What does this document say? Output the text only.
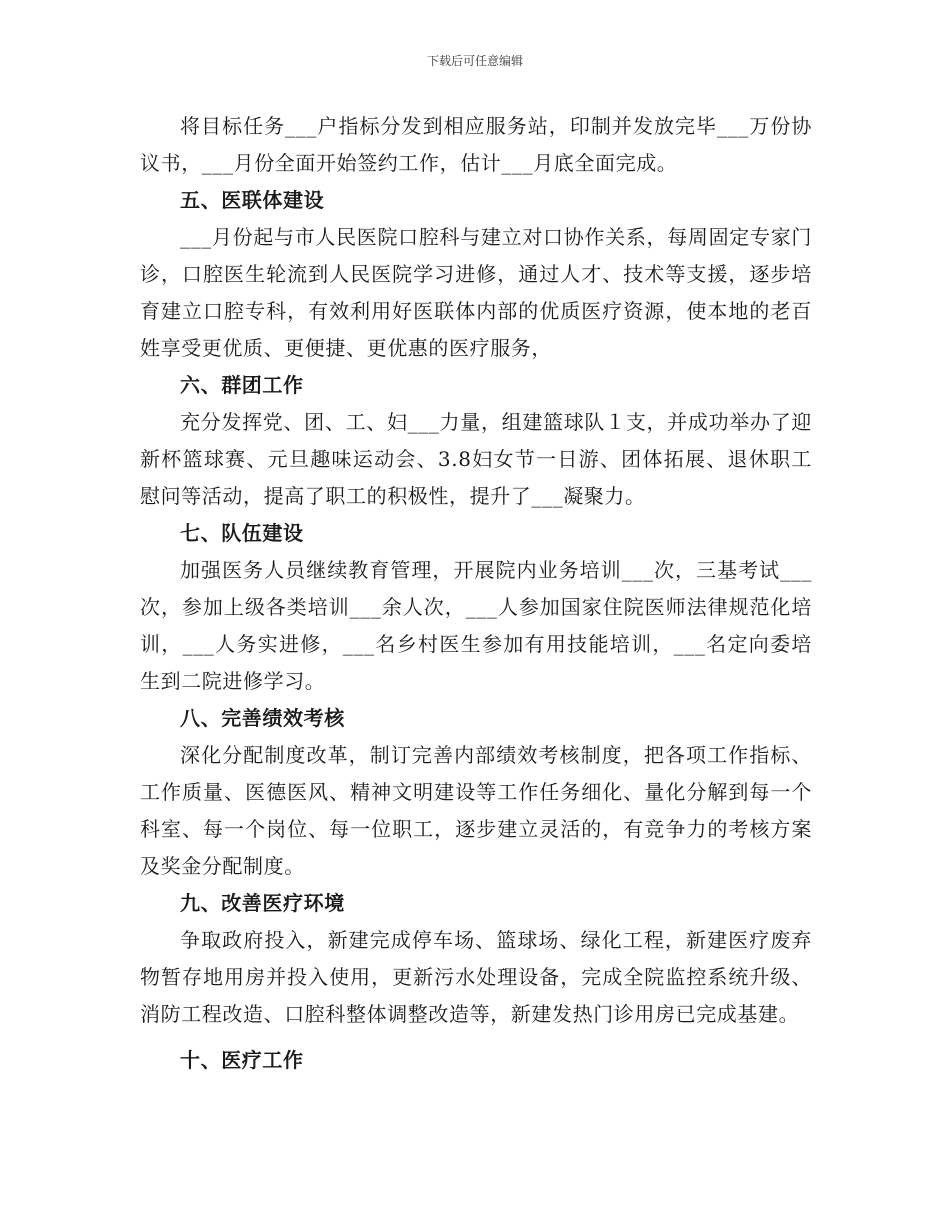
下载后可任意编辑

将目标任务___户指标分发到相应服务站，印制并发放完毕___万份协议书，___月份全面开始签约工作，估计___月底全面完成。

五、医联体建设

___月份起与市人民医院口腔科与建立对口协作关系，每周固定专家门诊，口腔医生轮流到人民医院学习进修，通过人才、技术等支援，逐步培育建立口腔专科，有效利用好医联体内部的优质医疗资源，使本地的老百姓享受更优质、更便捷、更优惠的医疗服务，

六、群团工作

充分发挥党、团、工、妇___力量，组建篮球队１支，并成功举办了迎新杯篮球赛、元旦趣味运动会、3.8妇女节一日游、团体拓展、退休职工慰问等活动，提高了职工的积极性，提升了___凝聚力。

七、队伍建设

加强医务人员继续教育管理，开展院内业务培训___次，三基考试___次，参加上级各类培训___余人次，___人参加国家住院医师法律规范化培训，___人务实进修，___名乡村医生参加有用技能培训，___名定向委培生到二院进修学习。

八、完善绩效考核

深化分配制度改革，制订完善内部绩效考核制度，把各项工作指标、工作质量、医德医风、精神文明建设等工作任务细化、量化分解到每一个科室、每一个岗位、每一位职工，逐步建立灵活的，有竞争力的考核方案及奖金分配制度。

九、改善医疗环境

争取政府投入，新建完成停车场、篮球场、绿化工程，新建医疗废弃物暂存地用房并投入使用，更新污水处理设备，完成全院监控系统升级、消防工程改造、口腔科整体调整改造等，新建发热门诊用房已完成基建。

十、医疗工作
